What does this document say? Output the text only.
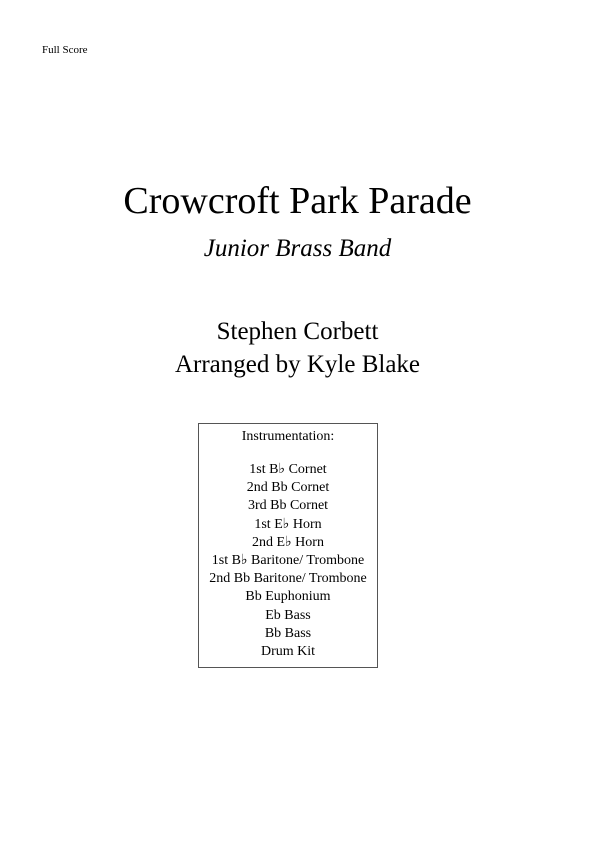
Full Score
Crowcroft Park Parade
Junior Brass Band
Stephen Corbett
Arranged by Kyle Blake
Instrumentation:
1st B♭ Cornet
2nd Bb Cornet
3rd Bb Cornet
1st E♭ Horn
2nd E♭ Horn
1st B♭ Baritone/ Trombone
2nd Bb Baritone/ Trombone
Bb Euphonium
Eb Bass
Bb Bass
Drum Kit
